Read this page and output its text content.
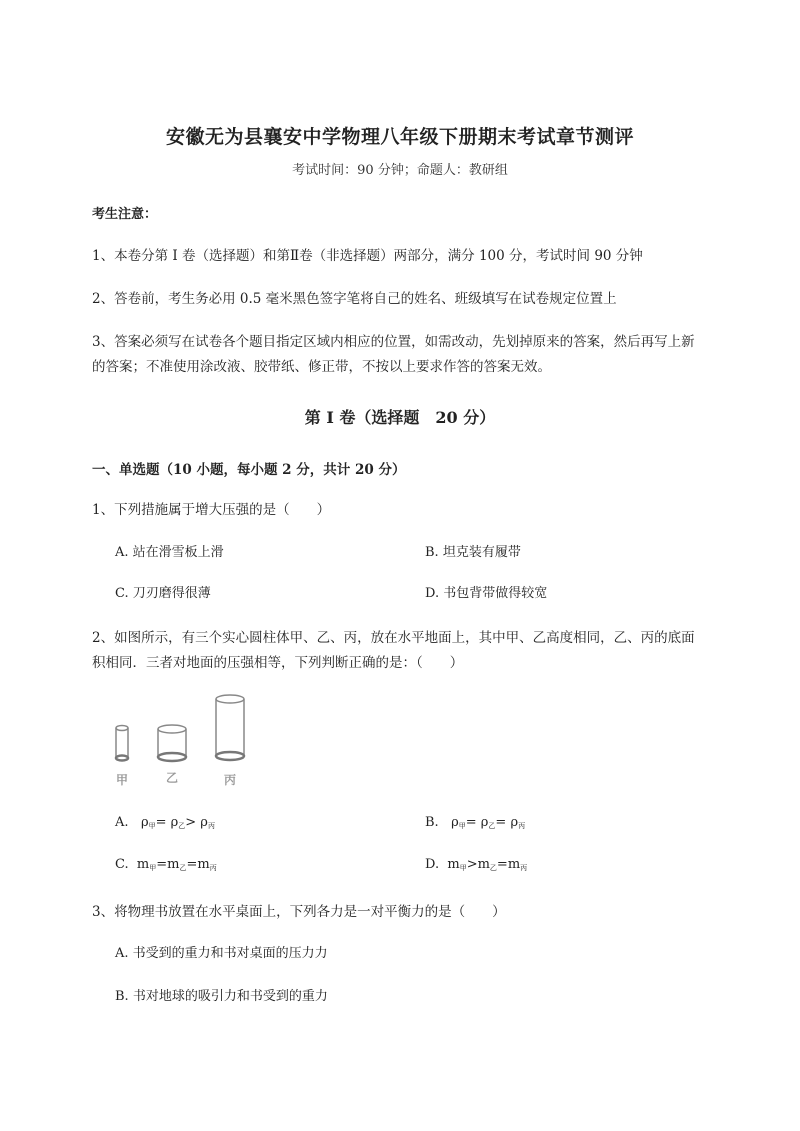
安徽无为县襄安中学物理八年级下册期末考试章节测评
考试时间：90 分钟；命题人：教研组
考生注意：
1、本卷分第 I 卷（选择题）和第Ⅱ卷（非选择题）两部分，满分 100 分，考试时间 90 分钟
2、答卷前，考生务必用 0.5 毫米黑色签字笔将自己的姓名、班级填写在试卷规定位置上
3、答案必须写在试卷各个题目指定区域内相应的位置，如需改动，先划掉原来的答案，然后再写上新
的答案；不准使用涂改液、胶带纸、修正带，不按以上要求作答的答案无效。
第 I 卷（选择题　20 分）
一、单选题（10 小题，每小题 2 分，共计 20 分）
1、下列措施属于增大压强的是（　　）
A. 站在滑雪板上滑	B. 坦克装有履带
C. 刀刃磨得很薄	D. 书包背带做得较宽
2、如图所示，有三个实心圆柱体甲、乙、丙，放在水平地面上，其中甲、乙高度相同，乙、丙的底面
积相同．三者对地面的压强相等，下列判断正确的是：（　　）
甲	乙	丙
A. $\rho_甲= \rho_乙> \rho_丙$	B. $\rho_甲= \rho_乙= \rho_丙$
C. $m_甲=m_乙=m_丙$	D. $m_甲>m_乙=m_丙$
3、将物理书放置在水平桌面上，下列各力是一对平衡力的是（　　）
A. 书受到的重力和书对桌面的压力力
B. 书对地球的吸引力和书受到的重力
